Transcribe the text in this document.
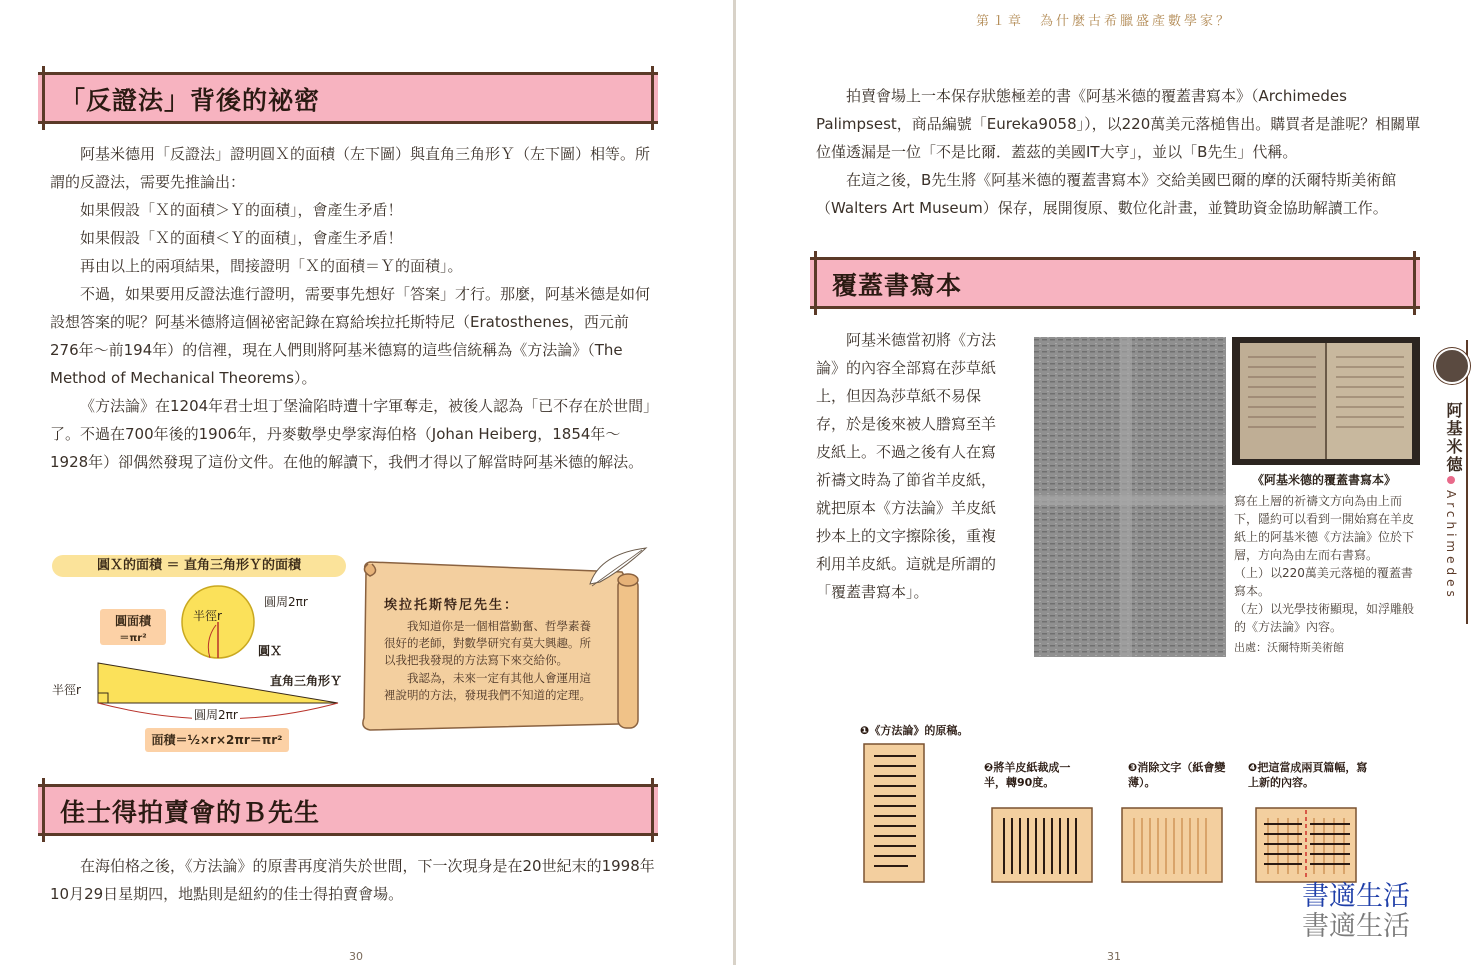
「反證法」背後的祕密

阿基米德用「反證法」證明圓Ｘ的面積（左下圖）與直角三角形Ｙ（左下圖）相等。所謂的反證法，需要先推論出：

如果假設「Ｘ的面積＞Ｙ的面積」，會產生矛盾！

如果假設「Ｘ的面積＜Ｙ的面積」，會產生矛盾！

再由以上的兩項結果，間接證明「Ｘ的面積＝Ｙ的面積」。

不過，如果要用反證法進行證明，需要事先想好「答案」才行。那麼，阿基米德是如何設想答案的呢？阿基米德將這個祕密記錄在寫給埃拉托斯特尼（Eratosthenes，西元前276年～前194年）的信裡，現在人們則將阿基米德寫的這些信統稱為《方法論》（The Method of Mechanical Theorems）。

《方法論》在1204年君士坦丁堡淪陷時遭十字軍奪走，被後人認為「已不存在於世間」了。不過在700年後的1906年，丹麥數學史學家海伯格（Johan Heiberg，1854年～1928年）卻偶然發現了這份文件。在他的解讀下，我們才得以了解當時阿基米德的解法。

圓Ｘ的面積 ＝ 直角三角形Ｙ的面積
圓周2πr
半徑r
圓面積
＝πr²
圓Ｘ
直角三角形Ｙ
半徑r
圓周2πr
面積＝½×r×2πr＝πr²
埃拉托斯特尼先生：
我知道你是一個相當勤奮、哲學素養很好的老師，對數學研究有莫大興趣。所以我把我發現的方法寫下來交給你。
我認為，未來一定有其他人會運用這裡說明的方法，發現我們不知道的定理。
佳士得拍賣會的Ｂ先生

在海伯格之後，《方法論》的原書再度消失於世間，下一次現身是在20世紀末的1998年10月29日星期四，地點則是紐約的佳士得拍賣會場。

30
第１章　為什麼古希臘盛產數學家？

拍賣會場上一本保存狀態極差的書《阿基米德的覆蓋書寫本》（Archimedes Palimpsest，商品編號「Eureka9058」），以220萬美元落槌售出。購買者是誰呢？相關單位僅透漏是一位「不是比爾．蓋茲的美國IT大亨」，並以「B先生」代稱。

在這之後，B先生將《阿基米德的覆蓋書寫本》交給美國巴爾的摩的沃爾特斯美術館（Walters Art Museum）保存，展開復原、數位化計畫，並贊助資金協助解讀工作。

覆蓋書寫本

阿基米德當初將《方法論》的內容全部寫在莎草紙上，但因為莎草紙不易保存，於是後來被人謄寫至羊皮紙上。不過之後有人在寫祈禱文時為了節省羊皮紙，就把原本《方法論》羊皮紙抄本上的文字擦除後，重複利用羊皮紙。這就是所謂的「覆蓋書寫本」。

《阿基米德的覆蓋書寫本》
寫在上層的祈禱文方向為由上而下，隱約可以看到一開始寫在羊皮紙上的阿基米德《方法論》位於下層，方向為由左而右書寫。
（上）以220萬美元落槌的覆蓋書寫本。
（左）以光學技術顯現，如浮雕般的《方法論》內容。
出處：沃爾特斯美術館
❶《方法論》的原稿。
❷將羊皮紙裁成一半，轉90度。
❸消除文字（紙會變薄）。
❹把這當成兩頁篇幅，寫上新的內容。
31
阿基米德
Archimedes
書適生活
書適生活
